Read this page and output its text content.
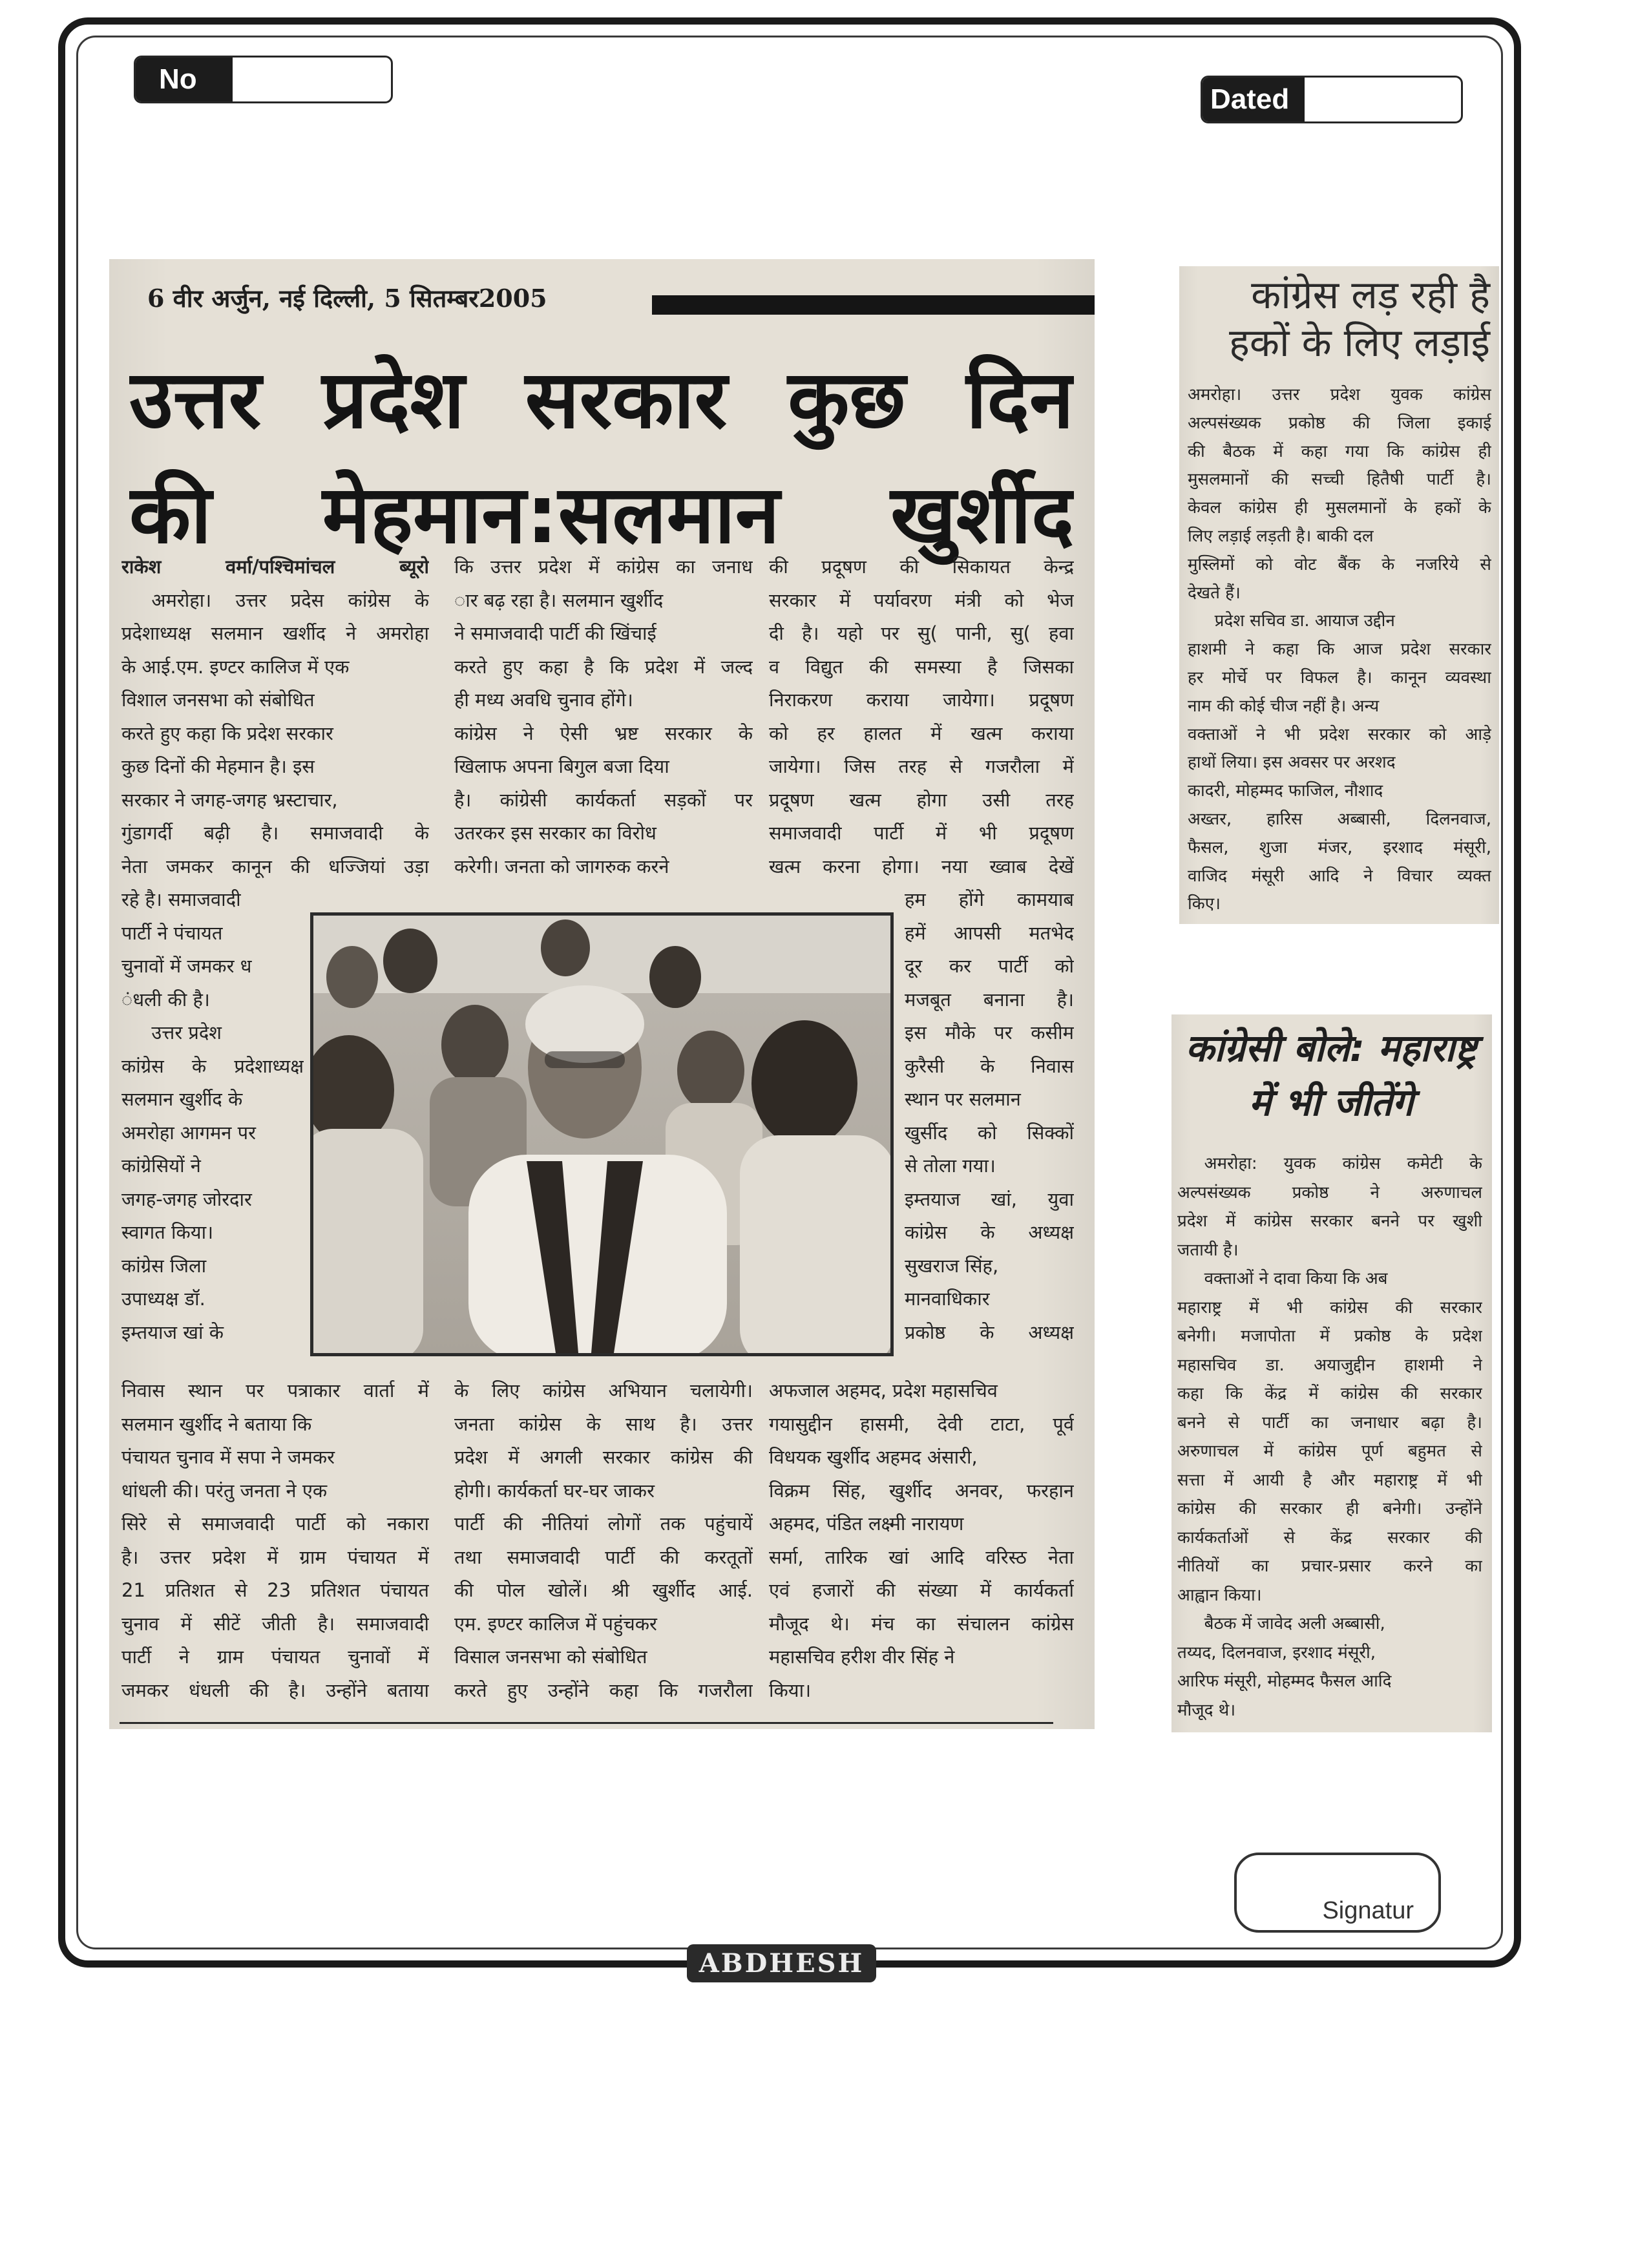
No
Dated
Signatur
ABDHESH
6 वीर अर्जुन, नई दिल्ली, 5 सितम्बर2005
उत्तर प्रदेश सरकार कुछ दिन
की मेहमान:सलमान खुर्शीद
राकेश वर्मा/पश्चिमांचल ब्यूरो
अमरोहा। उत्तर प्रदेस कांग्रेस के
प्रदेशाध्यक्ष सलमान खर्शीद ने अमरोहा
के आई.एम. इण्टर कालिज में एक
विशाल जनसभा को संबोधित
करते हुए कहा कि प्रदेश सरकार
कुछ दिनों की मेहमान है। इस
सरकार ने जगह-जगह भ्रस्टाचार,
गुंडागर्दी बढ़ी है। समाजवादी के
नेता जमकर कानून की धज्जियां उड़ा
रहे है। समाजवादी
पार्टी ने पंचायत
चुनावों में जमकर ध
ंधली की है।
उत्तर प्रदेश
कांग्रेस के प्रदेशाध्यक्ष
सलमान खुर्शीद के
अमरोहा आगमन पर
कांग्रेसियों ने
जगह-जगह जोरदार
स्वागत किया।
कांग्रेस जिला
उपाध्यक्ष डॉ.
इम्तयाज खां के
कि उत्तर प्रदेश में कांग्रेस का जनाध
ार बढ़ रहा है। सलमान खुर्शीद
ने समाजवादी पार्टी की खिंचाई
करते हुए कहा है कि प्रदेश में जल्द
ही मध्य अवधि चुनाव होंगे।
कांग्रेस ने ऐसी भ्रष्ट सरकार के
खिलाफ अपना बिगुल बजा दिया
है। कांग्रेसी कार्यकर्ता सड़कों पर
उतरकर इस सरकार का विरोध
करेगी। जनता को जागरुक करने
की प्रदूषण की सिकायत केन्द्र
सरकार में पर्यावरण मंत्री को भेज
दी है। यहो पर सु( पानी, सु( हवा
व विद्युत की समस्या है जिसका
निराकरण कराया जायेगा। प्रदूषण
को हर हालत में खत्म कराया
जायेगा। जिस तरह से गजरौला में
प्रदूषण खत्म होगा उसी तरह
समाजवादी पार्टी में भी प्रदूषण
खत्म करना होगा। नया ख्वाब देखें
हम होंगे कामयाब
हमें आपसी मतभेद
दूर कर पार्टी को
मजबूत बनाना है।
इस मौके पर कसीम
कुरैसी के निवास
स्थान पर सलमान
खुर्सीद को सिक्कों
से तोला गया।
इम्तयाज खां, युवा
कांग्रेस के अध्यक्ष
सुखराज सिंह,
मानवाधिकार
प्रकोष्ठ के अध्यक्ष
निवास स्थान पर पत्राकार वार्ता में
सलमान खुर्शीद ने बताया कि
पंचायत चुनाव में सपा ने जमकर
धांधली की। परंतु जनता ने एक
सिरे से समाजवादी पार्टी को नकारा
है। उत्तर प्रदेश में ग्राम पंचायत में
21 प्रतिशत से 23 प्रतिशत पंचायत
चुनाव में सीटें जीती है। समाजवादी
पार्टी ने ग्राम पंचायत चुनावों में
जमकर धंधली की है। उन्होंने बताया
के लिए कांग्रेस अभियान चलायेगी।
जनता कांग्रेस के साथ है। उत्तर
प्रदेश में अगली सरकार कांग्रेस की
होगी। कार्यकर्ता घर-घर जाकर
पार्टी की नीतियां लोगों तक पहुंचायें
तथा समाजवादी पार्टी की करतूतों
की पोल खोलें। श्री खुर्शीद आई.
एम. इण्टर कालिज में पहुंचकर
विसाल जनसभा को संबोधित
करते हुए उन्होंने कहा कि गजरौला
अफजाल अहमद, प्रदेश महासचिव
गयासुद्दीन हासमी, देवी टाटा, पूर्व
विधयक खुर्शीद अहमद अंसारी,
विक्रम सिंह, खुर्शीद अनवर, फरहान
अहमद, पंडित लक्ष्मी नारायण
सर्मा, तारिक खां आदि वरिस्ठ नेता
एवं हजारों की संख्या में कार्यकर्ता
मौजूद थे। मंच का संचालन कांग्रेस
महासचिव हरीश वीर सिंह ने
किया।
कांग्रेस लड़ रही है
हकों के लिए लड़ाई
अमरोहा। उत्तर प्रदेश युवक कांग्रेस
अल्पसंख्यक प्रकोष्ठ की जिला इकाई
की बैठक में कहा गया कि कांग्रेस ही
मुसलमानों की सच्ची हितैषी पार्टी है।
केवल कांग्रेस ही मुसलमानों के हकों के
लिए लड़ाई लड़ती है। बाकी दल
मुस्लिमों को वोट बैंक के नजरिये से
देखते हैं।
प्रदेश सचिव डा. आयाज उद्दीन
हाशमी ने कहा कि आज प्रदेश सरकार
हर मोर्चे पर विफल है। कानून व्यवस्था
नाम की कोई चीज नहीं है। अन्य
वक्ताओं ने भी प्रदेश सरकार को आड़े
हाथों लिया। इस अवसर पर अरशद
कादरी, मोहम्मद फाजिल, नौशाद
अख्तर, हारिस अब्बासी, दिलनवाज,
फैसल, शुजा मंजर, इरशाद मंसूरी,
वाजिद मंसूरी आदि ने विचार व्यक्त
किए।
कांग्रेसी बोले: महाराष्ट्र
में भी जीतेंगे
अमरोहा: युवक कांग्रेस कमेटी के
अल्पसंख्यक प्रकोष्ठ ने अरुणाचल
प्रदेश में कांग्रेस सरकार बनने पर खुशी
जतायी है।
वक्ताओं ने दावा किया कि अब
महाराष्ट्र में भी कांग्रेस की सरकार
बनेगी। मजापोता में प्रकोष्ठ के प्रदेश
महासचिव डा. अयाजुद्दीन हाशमी ने
कहा कि केंद्र में कांग्रेस की सरकार
बनने से पार्टी का जनाधार बढ़ा है।
अरुणाचल में कांग्रेस पूर्ण बहुमत से
सत्ता में आयी है और महाराष्ट्र में भी
कांग्रेस की सरकार ही बनेगी। उन्होंने
कार्यकर्ताओं से केंद्र सरकार की
नीतियों का प्रचार-प्रसार करने का
आह्वान किया।
बैठक में जावेद अली अब्बासी,
तय्यद, दिलनवाज, इरशाद मंसूरी,
आरिफ मंसूरी, मोहम्मद फैसल आदि
मौजूद थे।
